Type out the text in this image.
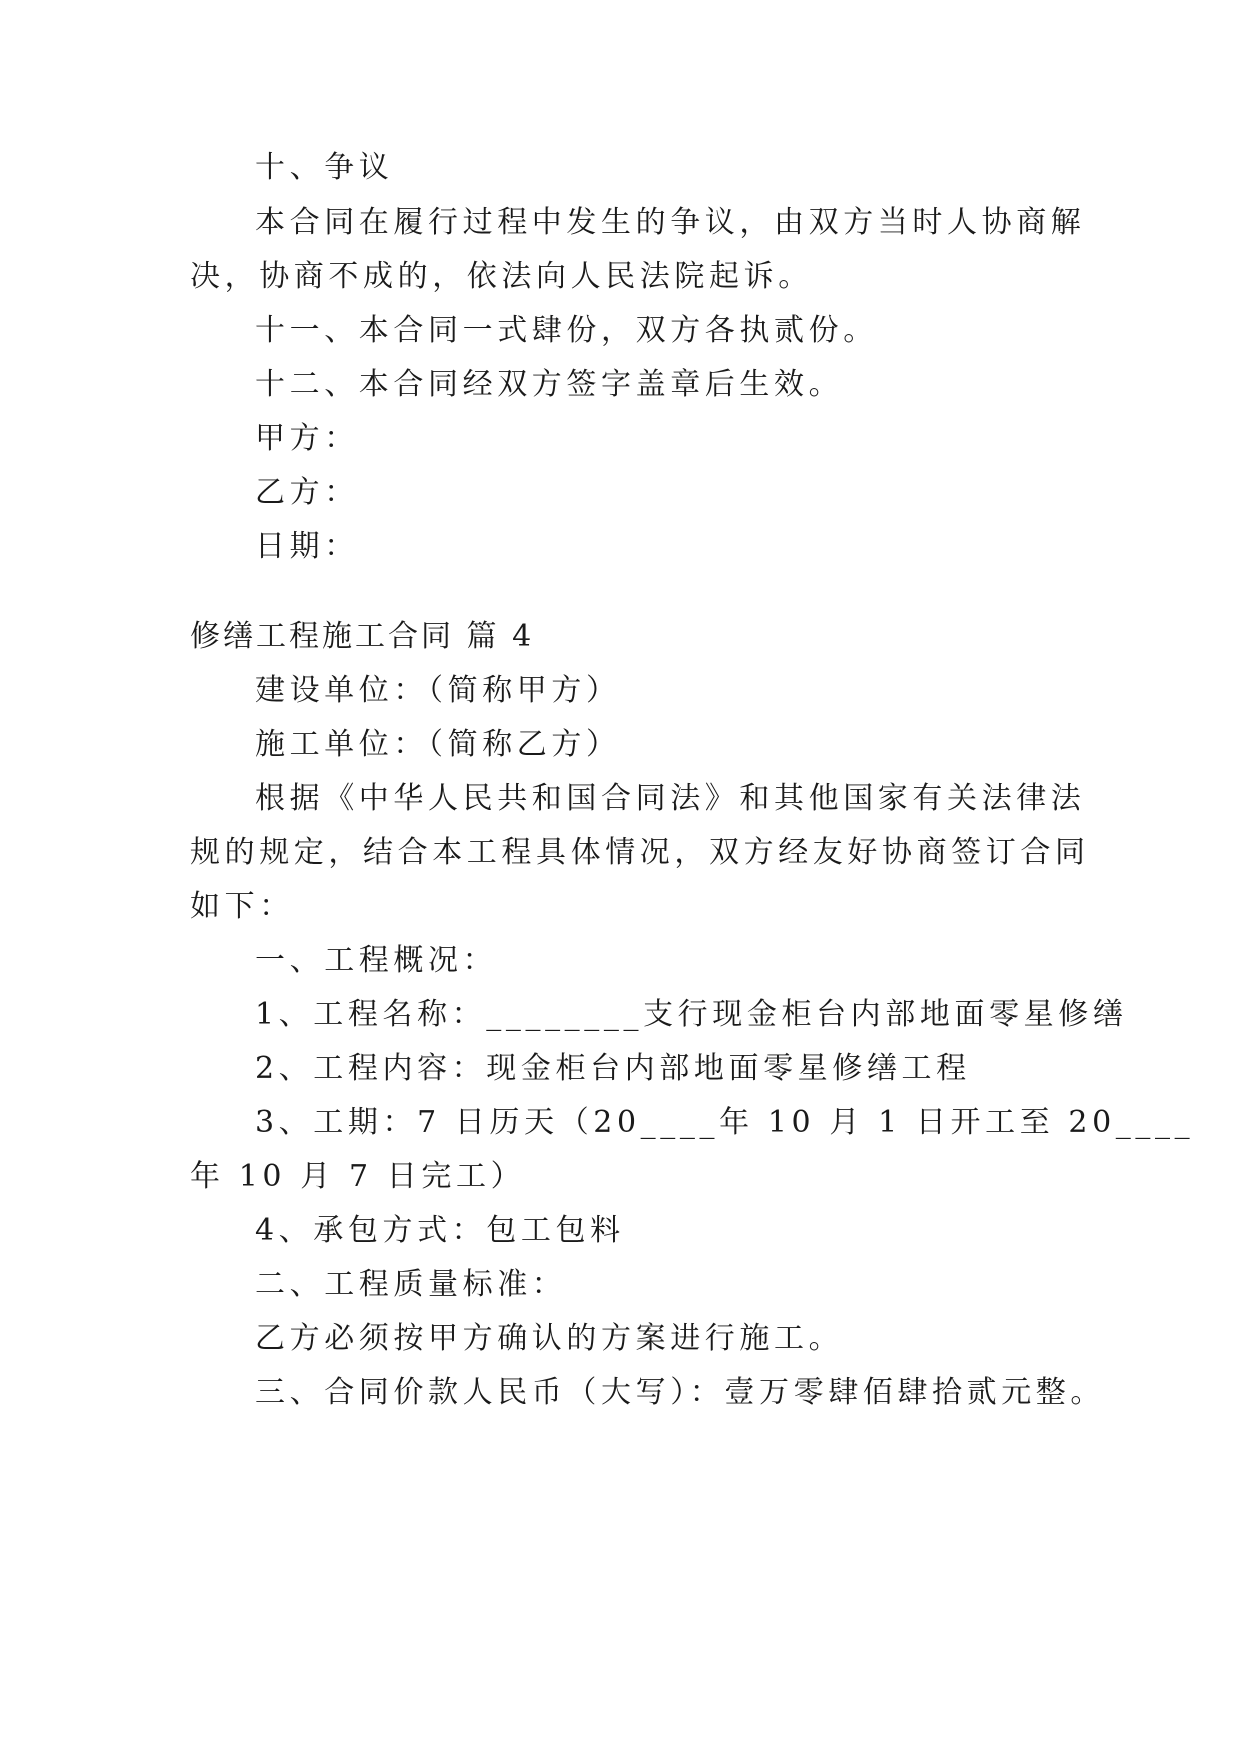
十、争议

本合同在履行过程中发生的争议，由双方当时人协商解

决，协商不成的，依法向人民法院起诉。

十一、本合同一式肆份，双方各执贰份。

十二、本合同经双方签字盖章后生效。

甲方：

乙方：

日期：

修缮工程施工合同 篇 4

建设单位：（简称甲方）

施工单位：（简称乙方）

根据《中华人民共和国合同法》和其他国家有关法律法

规的规定，结合本工程具体情况，双方经友好协商签订合同

如下：

一、工程概况：

1、工程名称：________支行现金柜台内部地面零星修缮

2、工程内容：现金柜台内部地面零星修缮工程

3、工期：7 日历天（20____年 10 月 1 日开工至 20____

年 10 月 7 日完工）

4、承包方式：包工包料

二、工程质量标准：

乙方必须按甲方确认的方案进行施工。

三、合同价款人民币（大写）：壹万零肆佰肆拾贰元整。
